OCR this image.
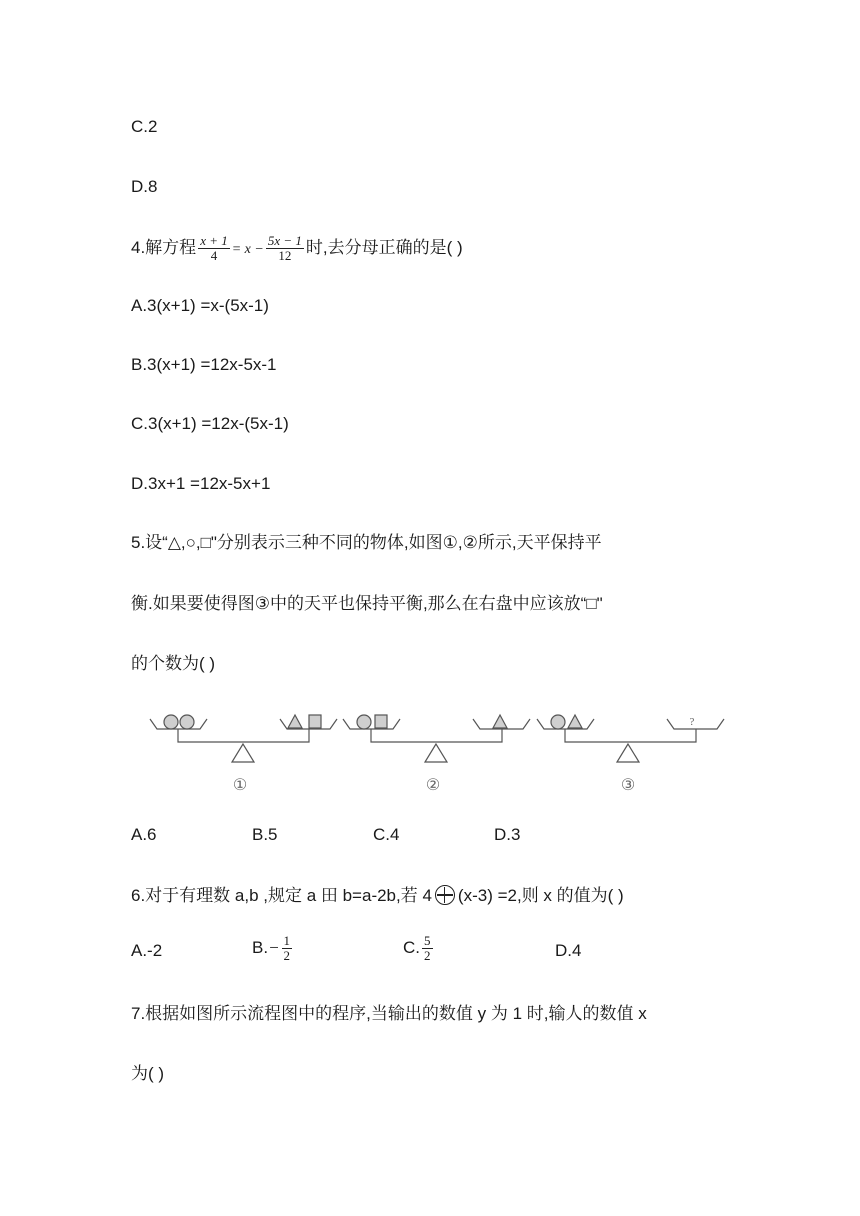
C.2
D.8
4.解方程 $\frac{x + 1}{4} = x - \frac{5x - 1}{12}$ 时,去分母正确的是( )
A.3(x+1) =x-(5x-1)
B.3(x+1) =12x-5x-1
C.3(x+1) =12x-(5x-1)
D.3x+1 =12x-5x+1
5.设“△,○,□"分别表示三种不同的物体,如图①,②所示,天平保持平
衡.如果要使得图③中的天平也保持平衡,那么在右盘中应该放“□"
的个数为( )
?
①	②	③
A.6	B.5	C.4	D.3
6.对于有理数 a,b ,规定 a 田 b=a-2b,若 4 (x-3) =2,则 x 的值为( )
A.-2	$B.- \frac{1}{2}$	C. $\frac{5}{2}$	D.4
7.根据如图所示流程图中的程序,当输出的数值 y 为 1 时,输人的数值 x
为( )
